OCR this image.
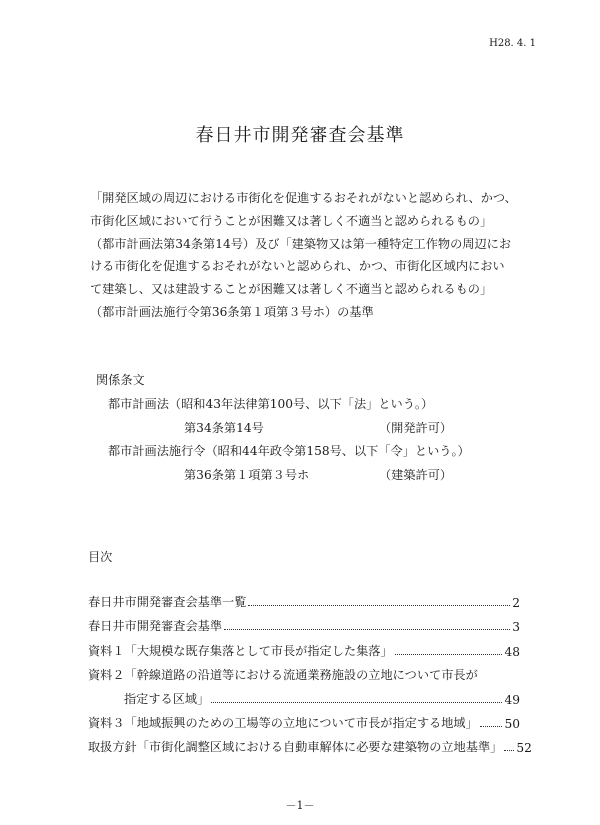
H28. 4. 1
春日井市開発審査会基準
「開発区域の周辺における市街化を促進するおそれがないと認められ、かつ、
市街化区域において行うことが困難又は著しく不適当と認められるもの」
（都市計画法第34条第14号）及び「建築物又は第一種特定工作物の周辺にお
ける市街化を促進するおそれがないと認められ、かつ、市街化区域内におい
て建築し、又は建設することが困難又は著しく不適当と認められるもの」
（都市計画法施行令第36条第１項第３号ホ）の基準
関係条文
都市計画法（昭和43年法律第100号、以下「法」という。）
第34条第14号	（開発許可）
都市計画法施行令（昭和44年政令第158号、以下「令」という。）
第36条第１項第３号ホ	（建築許可）
目次
春日井市開発審査会基準一覧	2
春日井市開発審査会基準	3
資料１「大規模な既存集落として市長が指定した集落」	48
資料２「幹線道路の沿道等における流通業務施設の立地について市長が
指定する区域」	49
資料３「地域振興のための工場等の立地について市長が指定する地域」 50
取扱方針「市街化調整区域における自動車解体に必要な建築物の立地基準」 52
－1－
